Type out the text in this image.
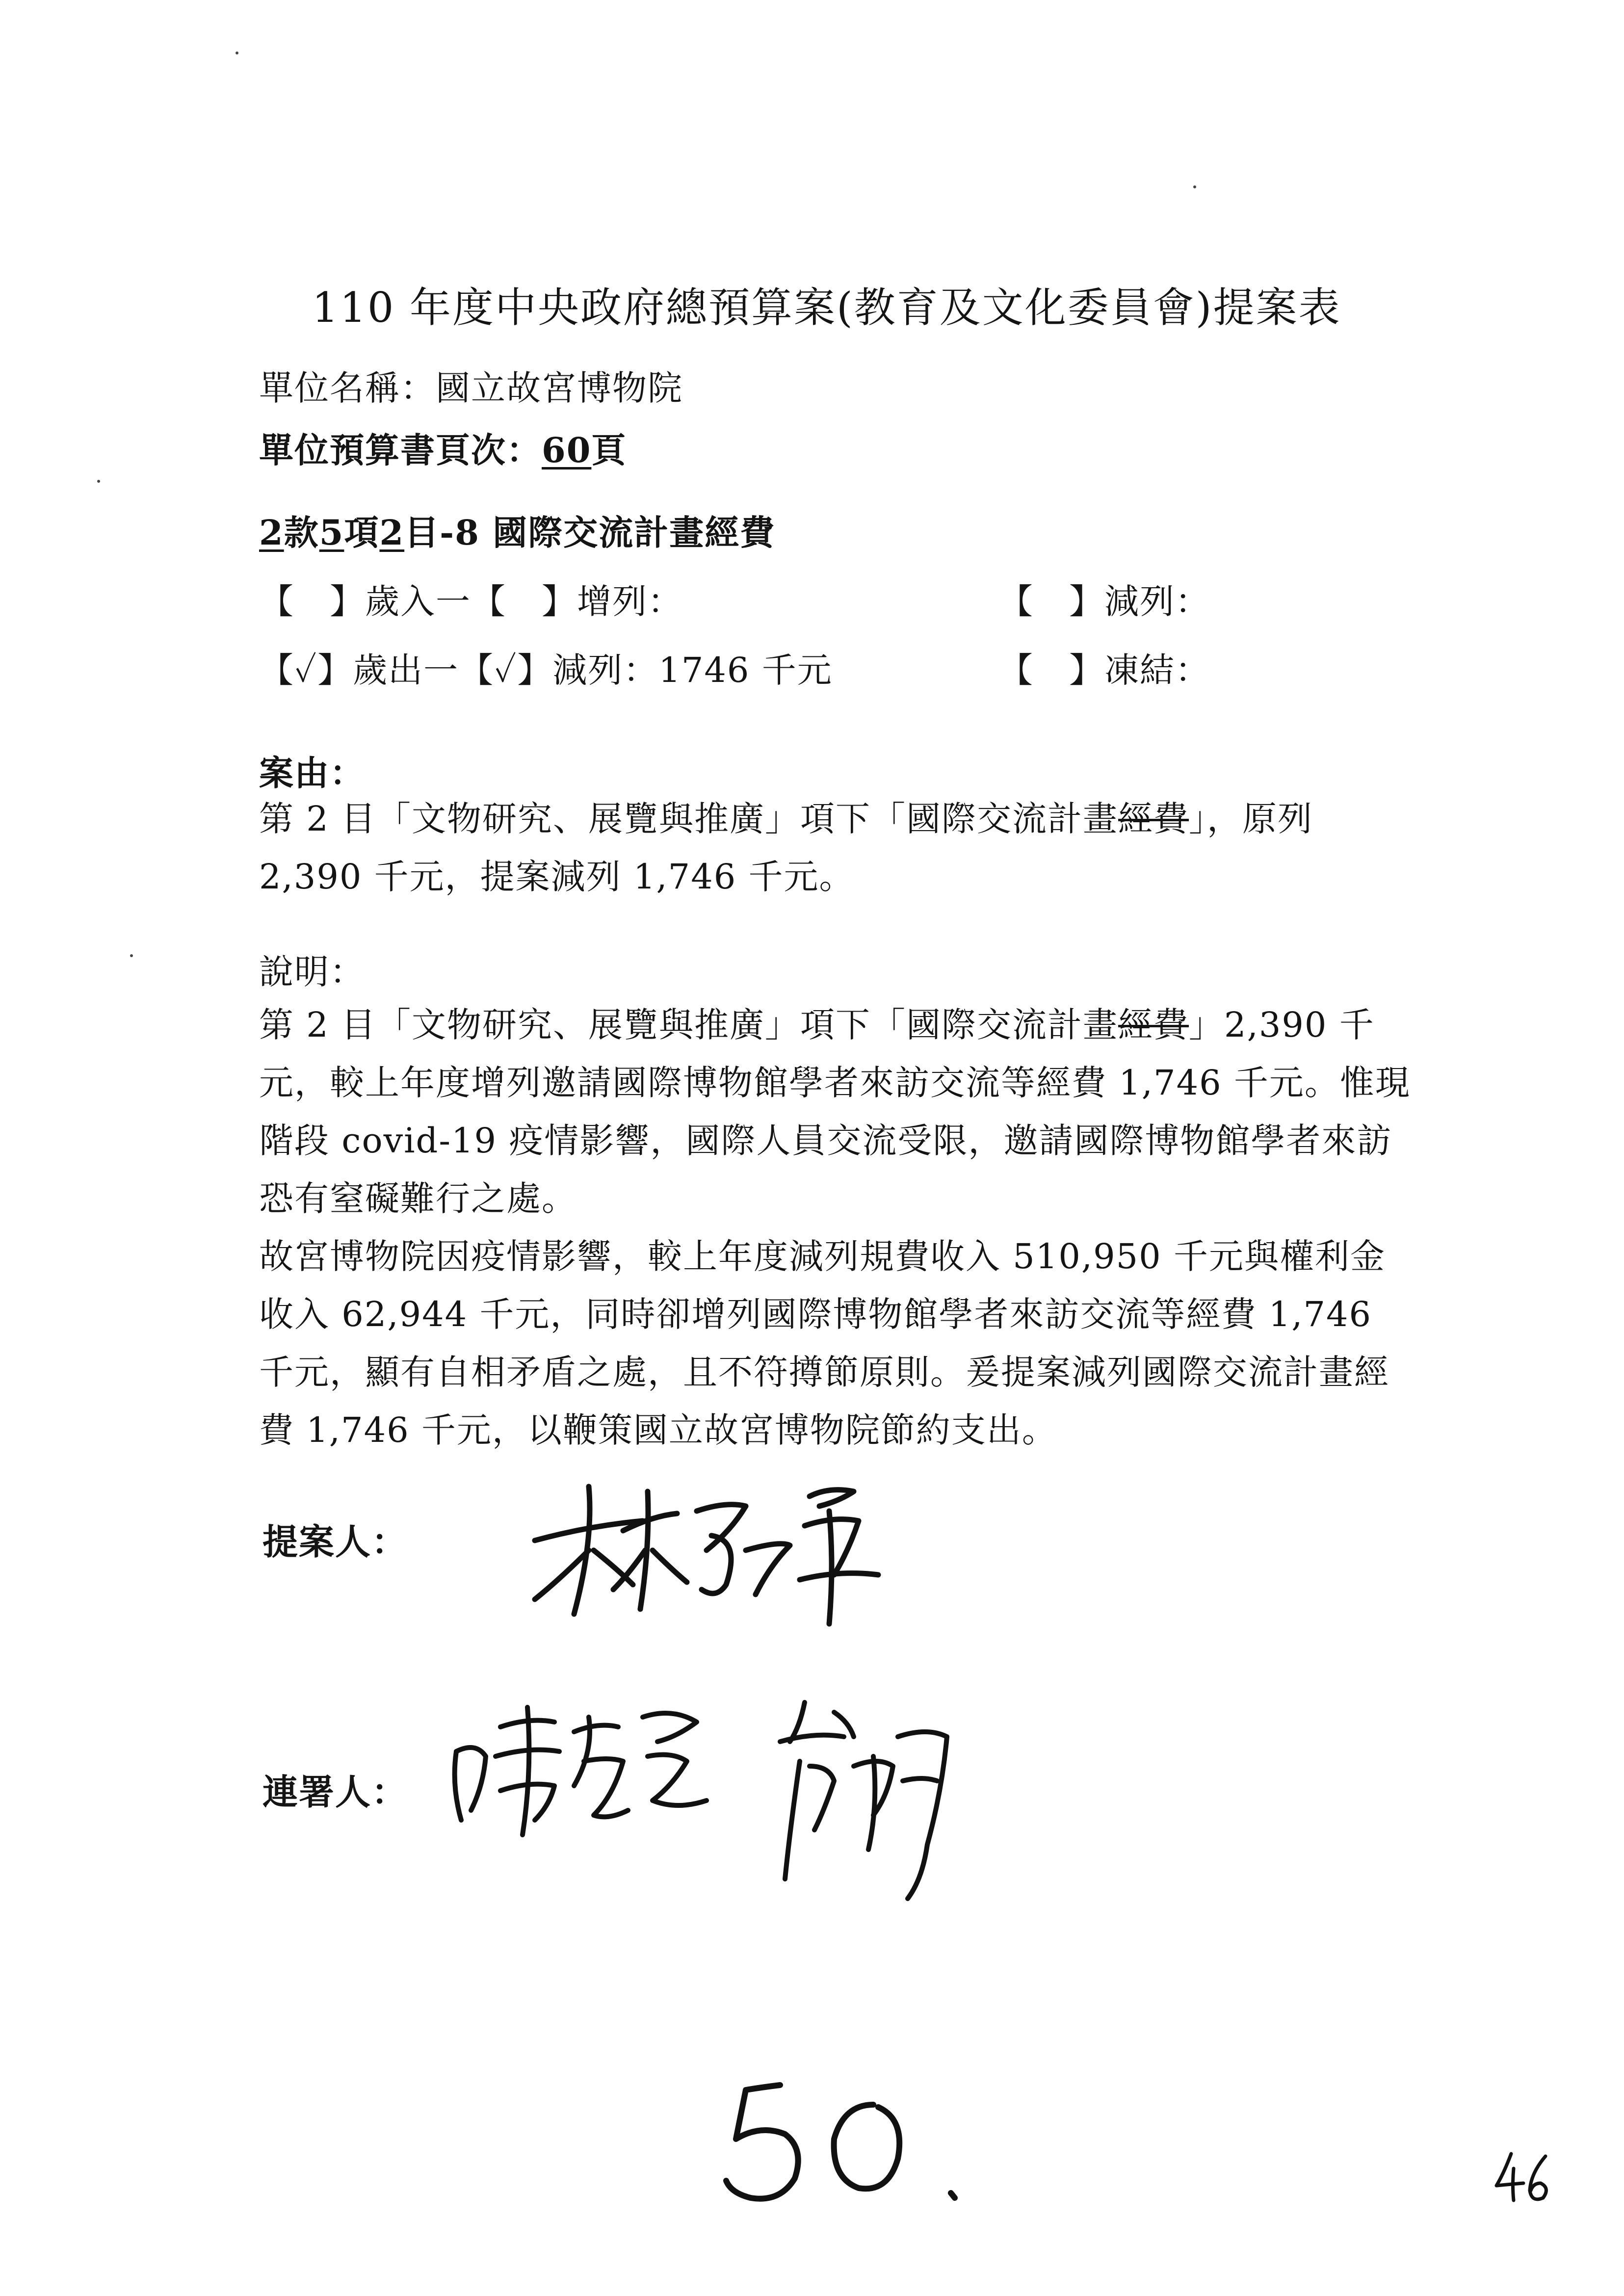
110 年度中央政府總預算案(教育及文化委員會)提案表
單位名稱：國立故宮博物院
單位預算書頁次：60頁
2款5項2目-8 國際交流計畫經費
【　】歲入一【　】增列：	【　】減列：
【✓】歲出一【✓】減列：1746 千元	【　】凍結：
案由：
第 2 目「文物研究、展覽與推廣」項下「國際交流計畫經費」，原列 2,390 千元，提案減列 1,746 千元。
說明：
第 2 目「文物研究、展覽與推廣」項下「國際交流計畫經費」2,390 千元，較上年度增列邀請國際博物館學者來訪交流等經費 1,746 千元。惟現階段 covid-19 疫情影響，國際人員交流受限，邀請國際博物館學者來訪恐有窒礙難行之處。
故宮博物院因疫情影響，較上年度減列規費收入 510,950 千元與權利金收入 62,944 千元，同時卻增列國際博物館學者來訪交流等經費 1,746 千元，顯有自相矛盾之處，且不符撙節原則。爰提案減列國際交流計畫經費 1,746 千元，以鞭策國立故宮博物院節約支出。
提案人：
連署人：
